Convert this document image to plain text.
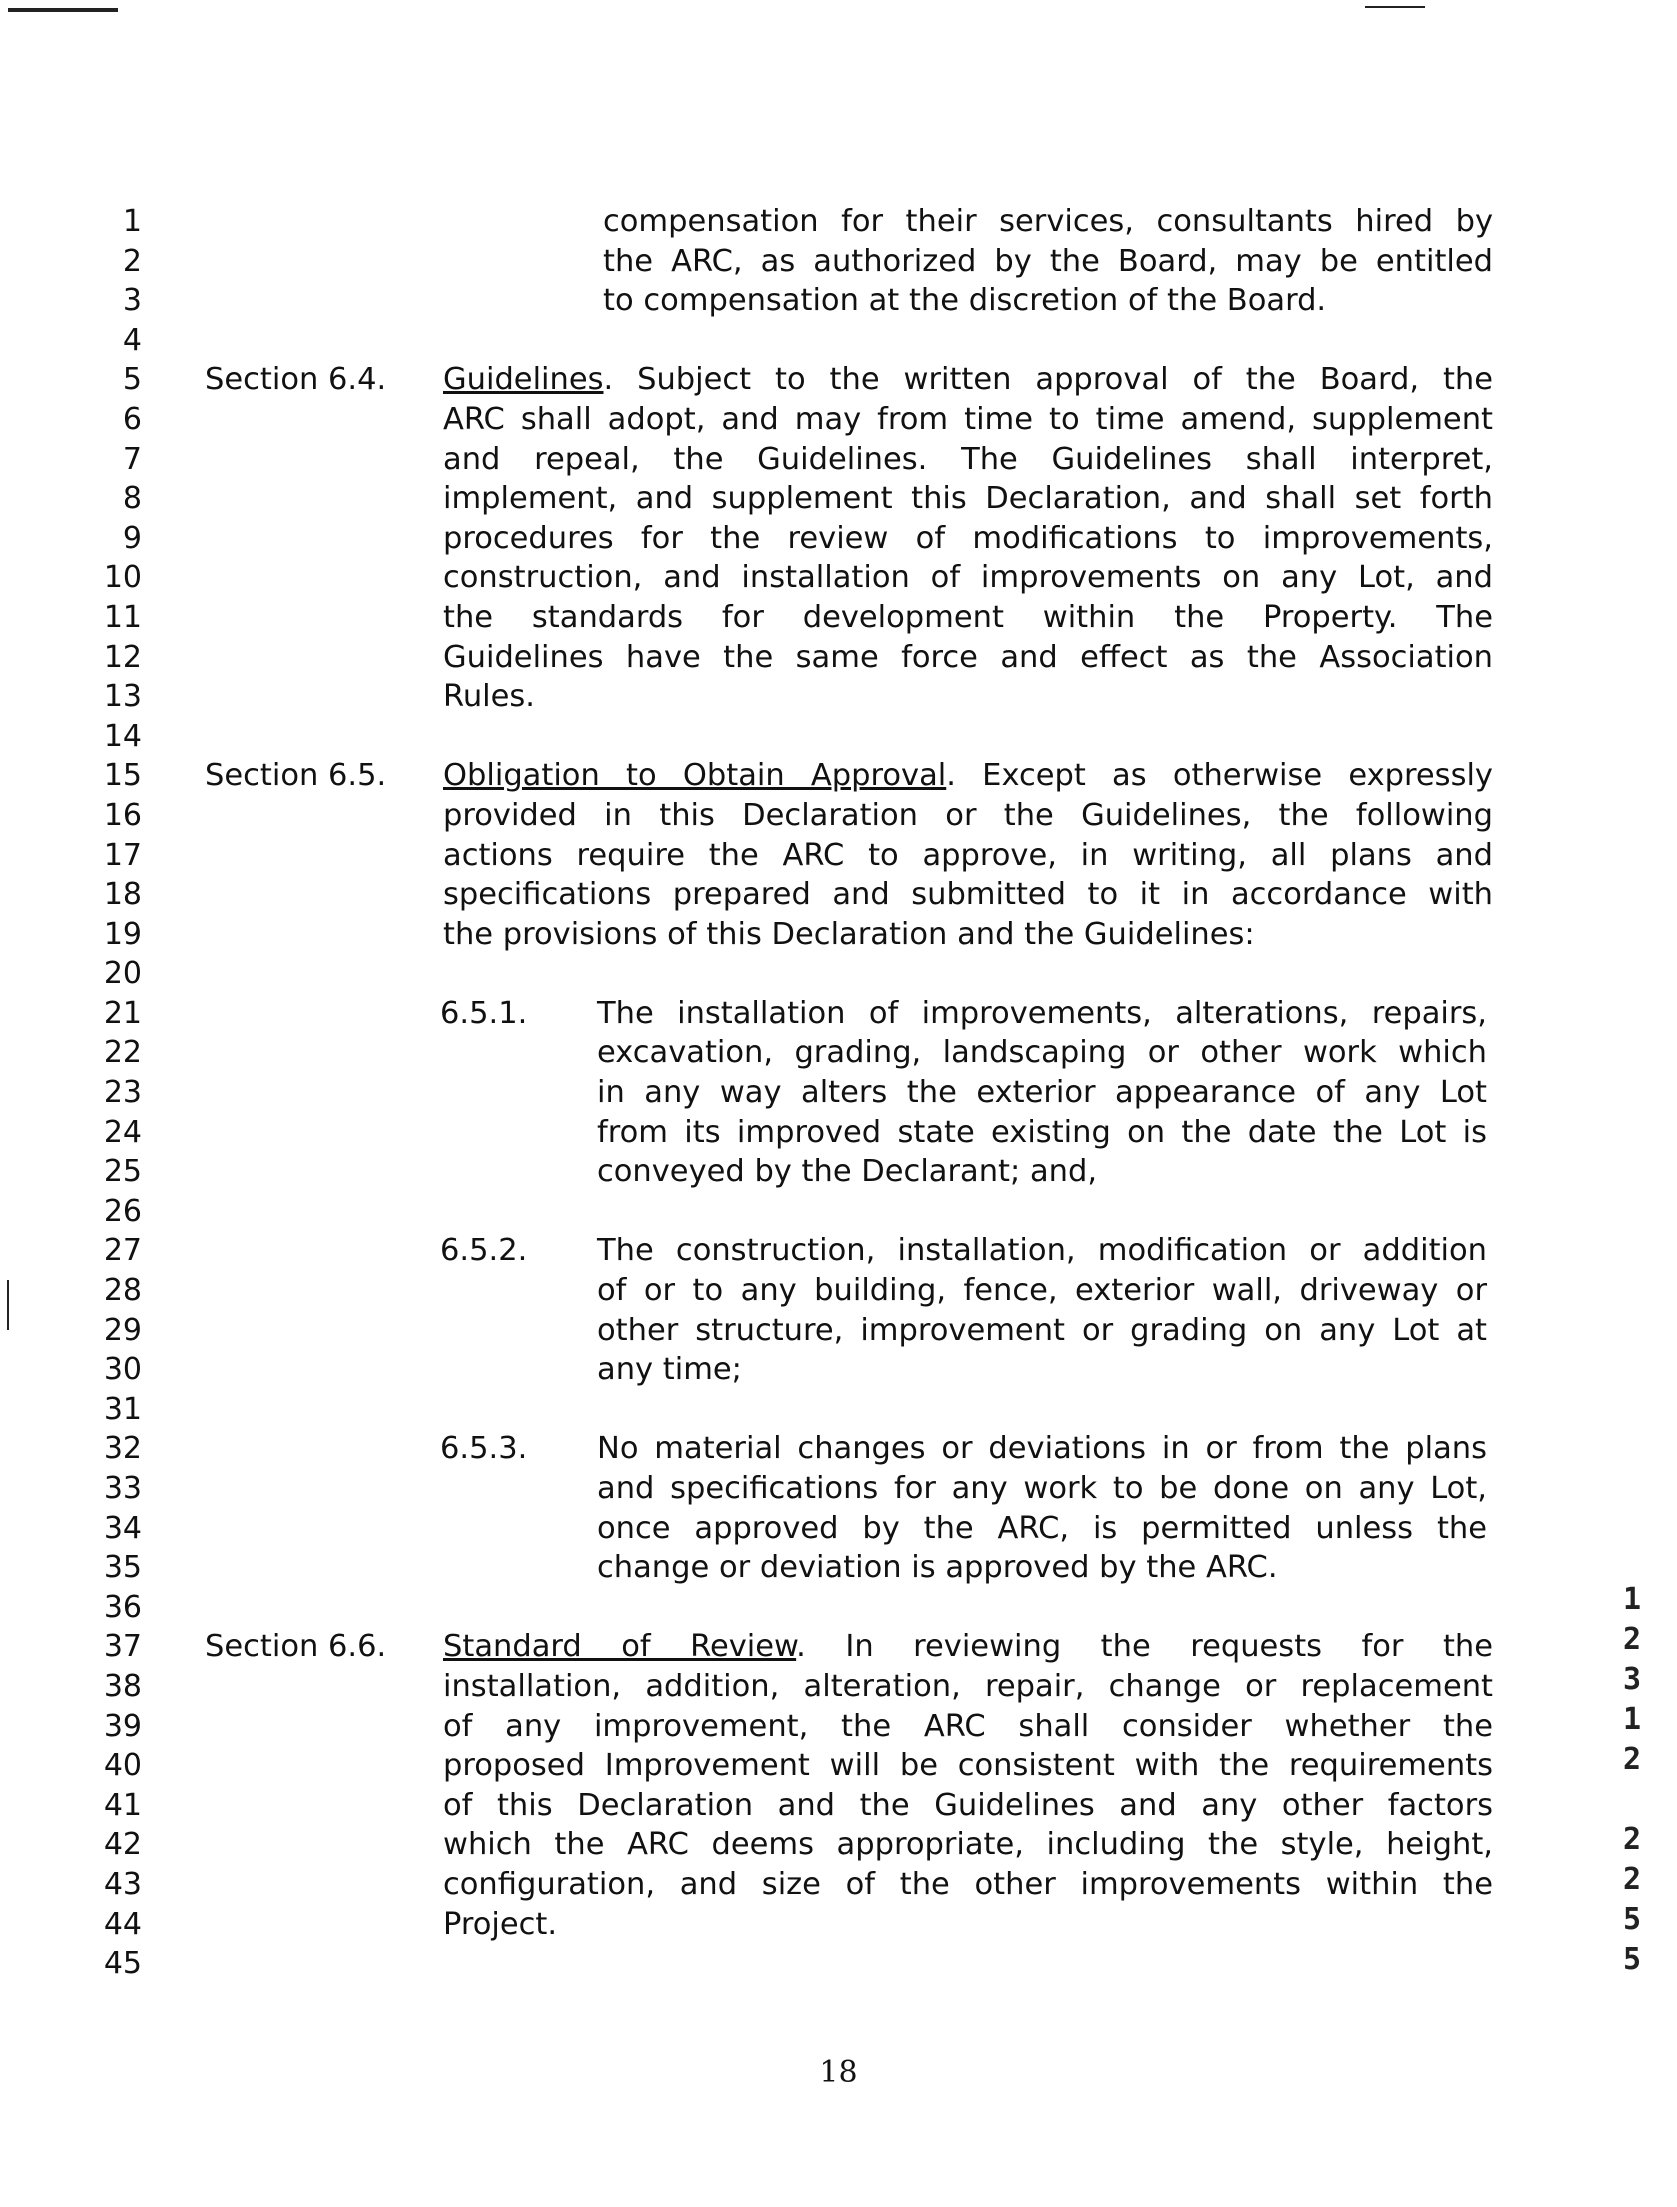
1
2
3
4
5
6
7
8
9
10
11
12
13
14
15
16
17
18
19
20
21
22
23
24
25
26
27
28
29
30
31
32
33
34
35
36
37
38
39
40
41
42
43
44
45
compensation for their services, consultants hired by
the ARC, as authorized by the Board, may be entitled
to compensation at the discretion of the Board.
Section 6.4. Guidelines. Subject to the written approval of the Board, the
ARC shall adopt, and may from time to time amend, supplement
and repeal, the Guidelines. The Guidelines shall interpret,
implement, and supplement this Declaration, and shall set forth
procedures for the review of modifications to improvements,
construction, and installation of improvements on any Lot, and
the standards for development within the Property. The
Guidelines have the same force and effect as the Association
Rules.
Section 6.5. Obligation to Obtain Approval. Except as otherwise expressly
provided in this Declaration or the Guidelines, the following
actions require the ARC to approve, in writing, all plans and
specifications prepared and submitted to it in accordance with
the provisions of this Declaration and the Guidelines:
6.5.1. The installation of improvements, alterations, repairs,
excavation, grading, landscaping or other work which
in any way alters the exterior appearance of any Lot
from its improved state existing on the date the Lot is
conveyed by the Declarant; and,
6.5.2. The construction, installation, modification or addition
of or to any building, fence, exterior wall, driveway or
other structure, improvement or grading on any Lot at
any time;
6.5.3. No material changes or deviations in or from the plans
and specifications for any work to be done on any Lot,
once approved by the ARC, is permitted unless the
change or deviation is approved by the ARC.
Section 6.6. Standard of Review. In reviewing the requests for the
installation, addition, alteration, repair, change or replacement
of any improvement, the ARC shall consider whether the
proposed Improvement will be consistent with the requirements
of this Declaration and the Guidelines and any other factors
which the ARC deems appropriate, including the style, height,
configuration, and size of the other improvements within the
Project.
18
1
2
3
1
2
2
2
5
5
